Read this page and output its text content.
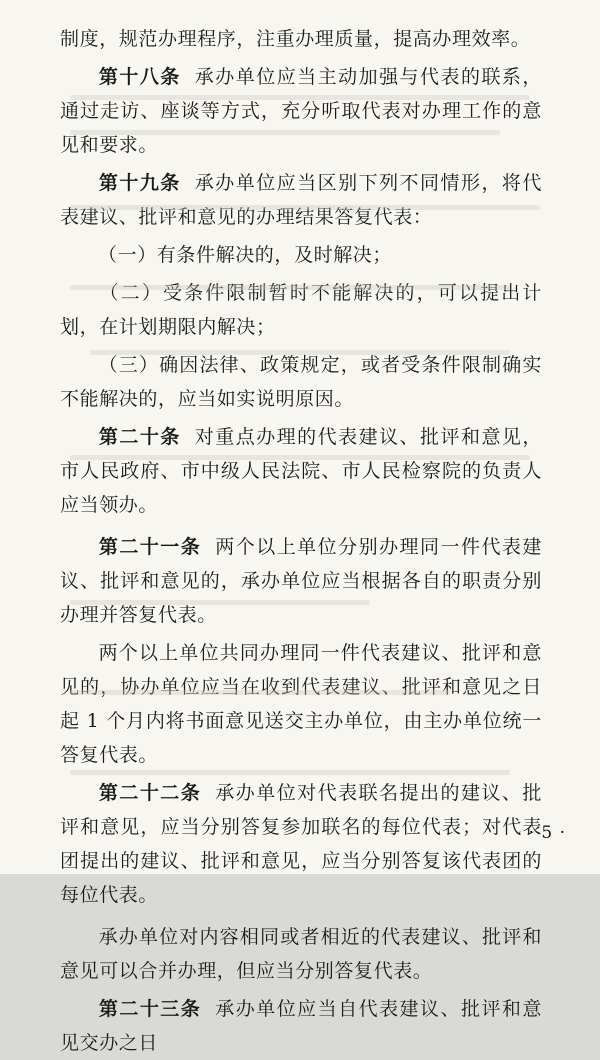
制度，规范办理程序，注重办理质量，提高办理效率。

第十八条 承办单位应当主动加强与代表的联系，通过走访、座谈等方式，充分听取代表对办理工作的意见和要求。

第十九条 承办单位应当区别下列不同情形，将代表建议、批评和意见的办理结果答复代表：

（一）有条件解决的，及时解决；

（二）受条件限制暂时不能解决的，可以提出计划，在计划期限内解决；

（三）确因法律、政策规定，或者受条件限制确实不能解决的，应当如实说明原因。

第二十条 对重点办理的代表建议、批评和意见，市人民政府、市中级人民法院、市人民检察院的负责人应当领办。

第二十一条 两个以上单位分别办理同一件代表建议、批评和意见的，承办单位应当根据各自的职责分别办理并答复代表。

两个以上单位共同办理同一件代表建议、批评和意见的，协办单位应当在收到代表建议、批评和意见之日起 1 个月内将书面意见送交主办单位，由主办单位统一答复代表。

第二十二条 承办单位对代表联名提出的建议、批评和意见，应当分别答复参加联名的每位代表；对代表团提出的建议、批评和意见，应当分别答复该代表团的每位代表。

承办单位对内容相同或者相近的代表建议、批评和意见可以合并办理，但应当分别答复代表。

第二十三条 承办单位应当自代表建议、批评和意见交办之日

· 5 ·
